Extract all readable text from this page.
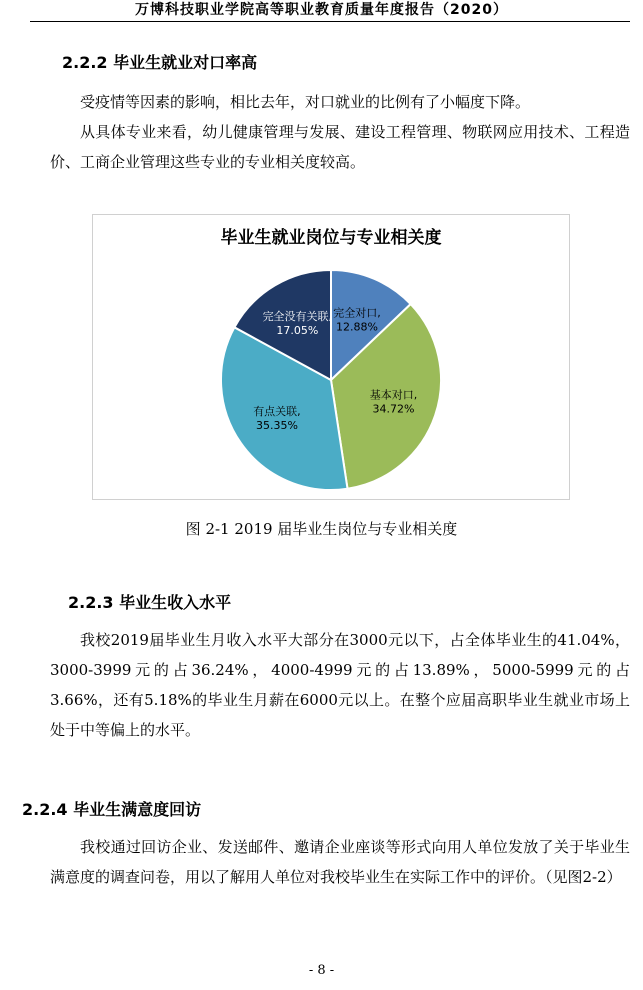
万博科技职业学院高等职业教育质量年度报告（2020）
2.2.2 毕业生就业对口率高

受疫情等因素的影响，相比去年，对口就业的比例有了小幅度下降。

从具体专业来看，幼儿健康管理与发展、建设工程管理、物联网应用技术、工程造价、工商企业管理这些专业的专业相关度较高。

毕业生就业岗位与专业相关度
完全对口,
12.88%
基本对口,
34.72%
有点关联,
35.35%
完全没有关联,
17.05%
图 2-1 2019 届毕业生岗位与专业相关度
2.2.3 毕业生收入水平

我校2019届毕业生月收入水平大部分在3000元以下，占全体毕业生的41.04%，3000-3999元的占36.24%，4000-4999元的占13.89%，5000-5999元的占3.66%，还有5.18%的毕业生月薪在6000元以上。在整个应届高职毕业生就业市场上处于中等偏上的水平。

2.2.4 毕业生满意度回访

我校通过回访企业、发送邮件、邀请企业座谈等形式向用人单位发放了关于毕业生满意度的调查问卷，用以了解用人单位对我校毕业生在实际工作中的评价。（见图2-2）

- 8 -
